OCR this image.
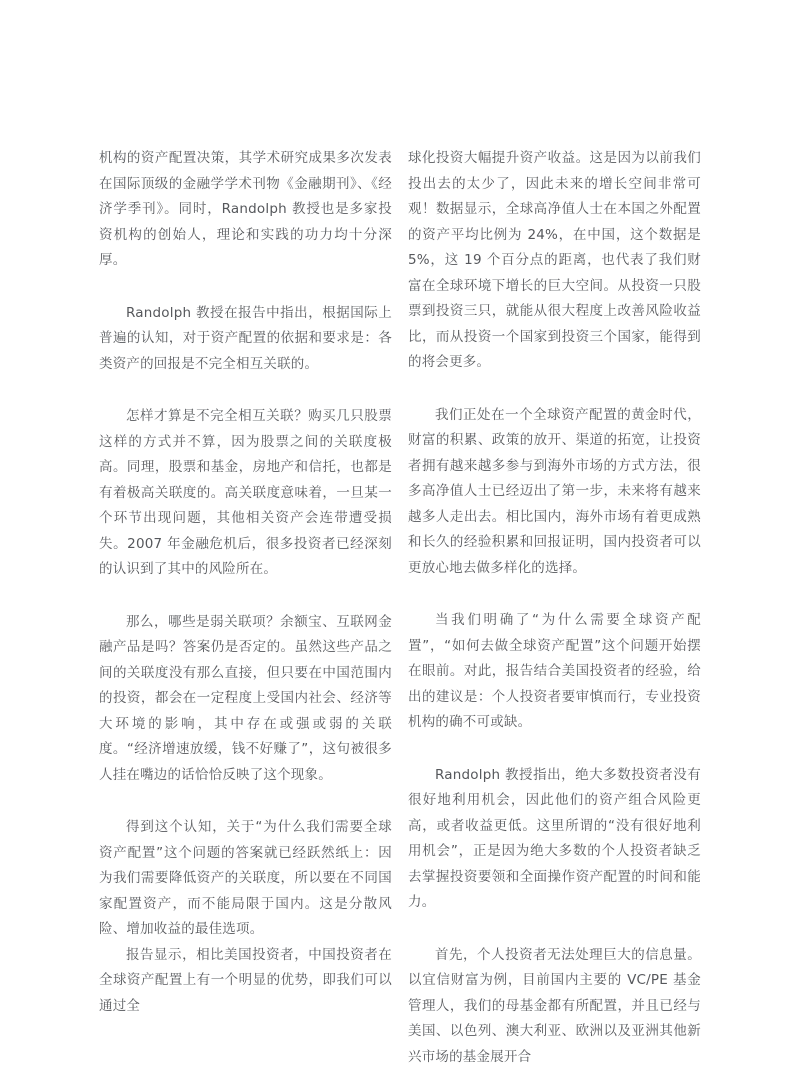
机构的资产配置决策，其学术研究成果多次发表在国际顶级的金融学学术刊物《金融期刊》、《经济学季刊》。同时，Randolph 教授也是多家投资机构的创始人，理论和实践的功力均十分深厚。

Randolph 教授在报告中指出，根据国际上普遍的认知，对于资产配置的依据和要求是：各类资产的回报是不完全相互关联的。

怎样才算是不完全相互关联？购买几只股票这样的方式并不算，因为股票之间的关联度极高。同理，股票和基金，房地产和信托，也都是有着极高关联度的。高关联度意味着，一旦某一个环节出现问题，其他相关资产会连带遭受损失。2007 年金融危机后，很多投资者已经深刻的认识到了其中的风险所在。

那么，哪些是弱关联项？余额宝、互联网金融产品是吗？答案仍是否定的。虽然这些产品之间的关联度没有那么直接，但只要在中国范围内的投资，都会在一定程度上受国内社会、经济等大环境的影响，其中存在或强或弱的关联度。“经济增速放缓，钱不好赚了”，这句被很多人挂在嘴边的话恰恰反映了这个现象。

得到这个认知，关于“为什么我们需要全球资产配置”这个问题的答案就已经跃然纸上：因为我们需要降低资产的关联度，所以要在不同国家配置资产，而不能局限于国内。这是分散风险、增加收益的最佳选项。

报告显示，相比美国投资者，中国投资者在全球资产配置上有一个明显的优势，即我们可以通过全

球化投资大幅提升资产收益。这是因为以前我们投出去的太少了，因此未来的增长空间非常可观！数据显示，全球高净值人士在本国之外配置的资产平均比例为 24%，在中国，这个数据是 5%，这 19 个百分点的距离，也代表了我们财富在全球环境下增长的巨大空间。从投资一只股票到投资三只，就能从很大程度上改善风险收益比，而从投资一个国家到投资三个国家，能得到的将会更多。

我们正处在一个全球资产配置的黄金时代，财富的积累、政策的放开、渠道的拓宽，让投资者拥有越来越多参与到海外市场的方式方法，很多高净值人士已经迈出了第一步，未来将有越来越多人走出去。相比国内，海外市场有着更成熟和长久的经验积累和回报证明，国内投资者可以更放心地去做多样化的选择。

当我们明确了“为什么需要全球资产配置”，“如何去做全球资产配置”这个问题开始摆在眼前。对此，报告结合美国投资者的经验，给出的建议是：个人投资者要审慎而行，专业投资机构的确不可或缺。

Randolph 教授指出，绝大多数投资者没有很好地利用机会，因此他们的资产组合风险更高，或者收益更低。这里所谓的“没有很好地利用机会”，正是因为绝大多数的个人投资者缺乏去掌握投资要领和全面操作资产配置的时间和能力。

首先，个人投资者无法处理巨大的信息量。以宜信财富为例，目前国内主要的 VC/PE 基金管理人，我们的母基金都有所配置，并且已经与美国、以色列、澳大利亚、欧洲以及亚洲其他新兴市场的基金展开合
